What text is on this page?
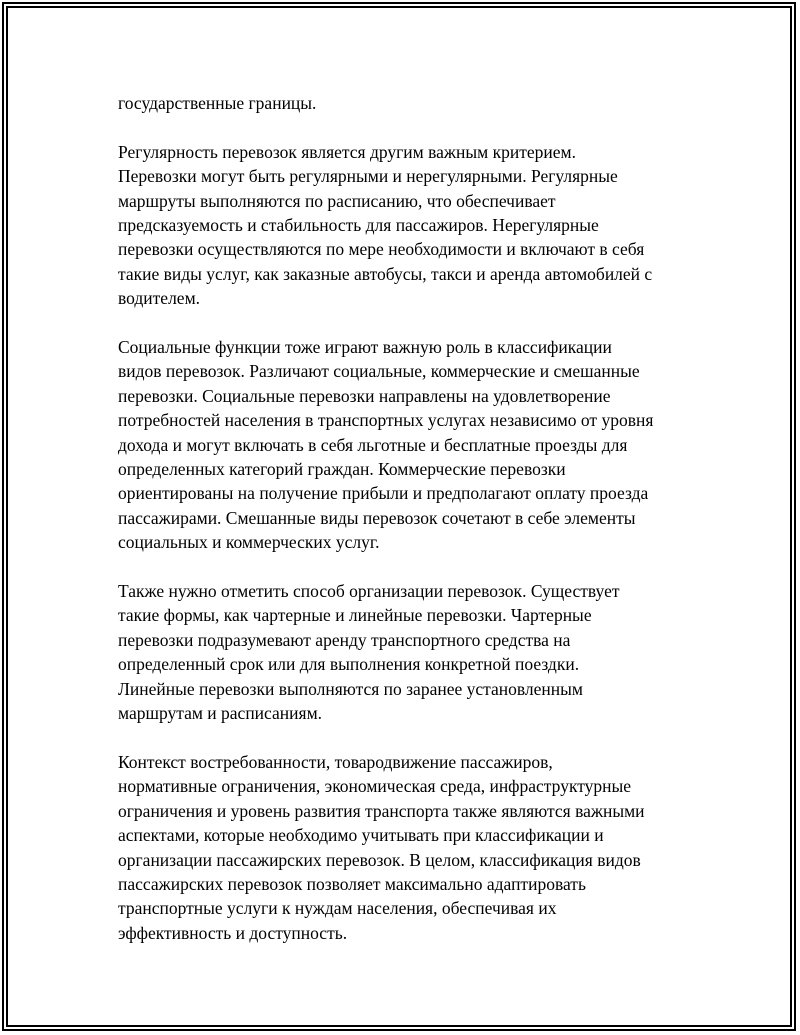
государственные границы.

Регулярность перевозок является другим важным критерием.
Перевозки могут быть регулярными и нерегулярными. Регулярные
маршруты выполняются по расписанию, что обеспечивает
предсказуемость и стабильность для пассажиров. Нерегулярные
перевозки осуществляются по мере необходимости и включают в себя
такие виды услуг, как заказные автобусы, такси и аренда автомобилей с
водителем.

Социальные функции тоже играют важную роль в классификации
видов перевозок. Различают социальные, коммерческие и смешанные
перевозки. Социальные перевозки направлены на удовлетворение
потребностей населения в транспортных услугах независимо от уровня
дохода и могут включать в себя льготные и бесплатные проезды для
определенных категорий граждан. Коммерческие перевозки
ориентированы на получение прибыли и предполагают оплату проезда
пассажирами. Смешанные виды перевозок сочетают в себе элементы
социальных и коммерческих услуг.

Также нужно отметить способ организации перевозок. Существует
такие формы, как чартерные и линейные перевозки. Чартерные
перевозки подразумевают аренду транспортного средства на
определенный срок или для выполнения конкретной поездки.
Линейные перевозки выполняются по заранее установленным
маршрутам и расписаниям.

Контекст востребованности, товародвижение пассажиров,
нормативные ограничения, экономическая среда, инфраструктурные
ограничения и уровень развития транспорта также являются важными
аспектами, которые необходимо учитывать при классификации и
организации пассажирских перевозок. В целом, классификация видов
пассажирских перевозок позволяет максимально адаптировать
транспортные услуги к нуждам населения, обеспечивая их
эффективность и доступность.
